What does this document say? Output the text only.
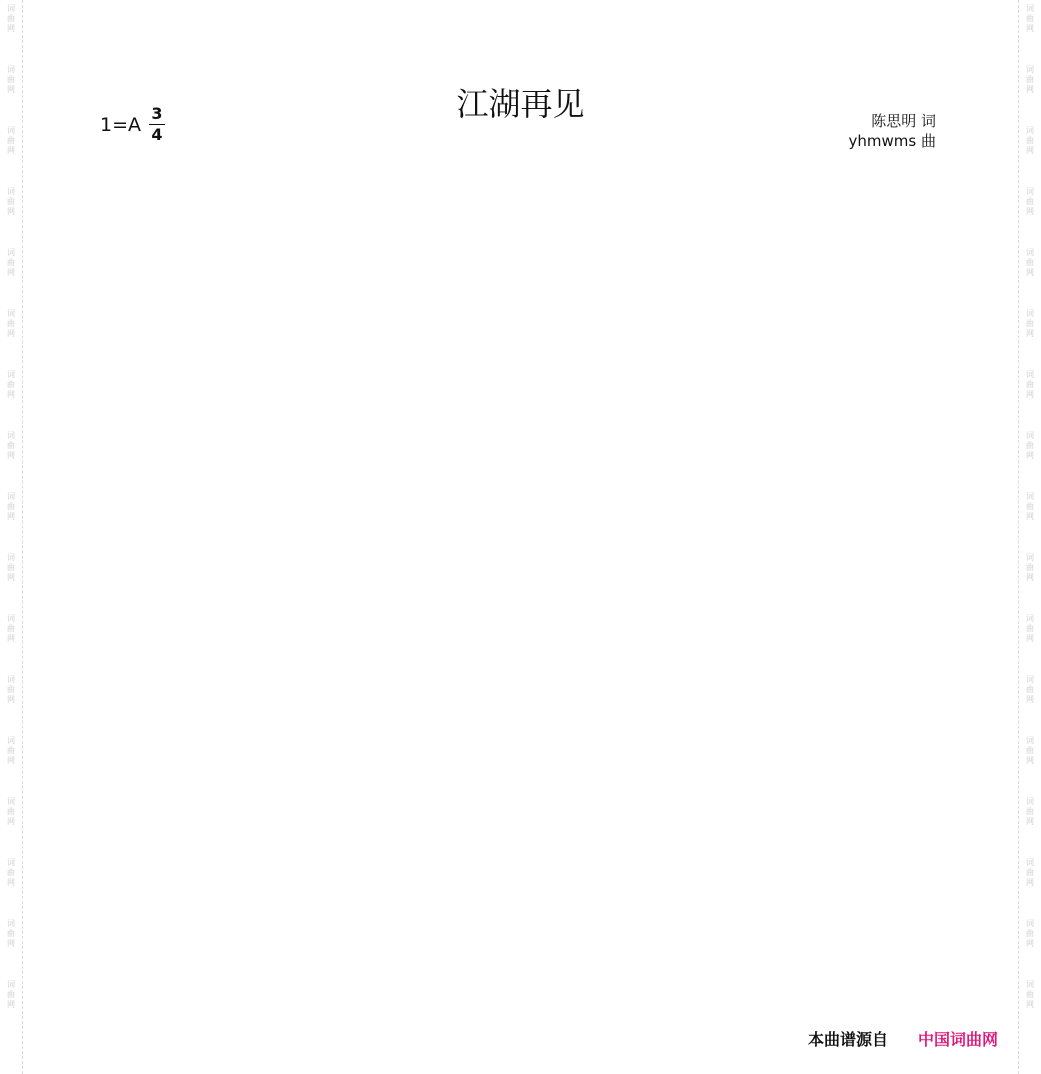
词
曲
网
词
曲
网
词
曲
网
词
曲
网
词
曲
网
词
曲
网
词
曲
网
词
曲
网
词
曲
网
词
曲
网
词
曲
网
词
曲
网
词
曲
网
词
曲
网
词
曲
网
词
曲
网
词
曲
网
词
曲
网
词
曲
网
词
曲
网
词
曲
网
词
曲
网
词
曲
网
词
曲
网
词
曲
网
词
曲
网
词
曲
网
词
曲
网
词
曲
网
词
曲
网
词
曲
网
词
曲
网
词
曲
网
词
曲
网
江湖再见
1=A
3
4
陈思明 词
yhmwms 曲
本曲谱源自 中国词曲网
